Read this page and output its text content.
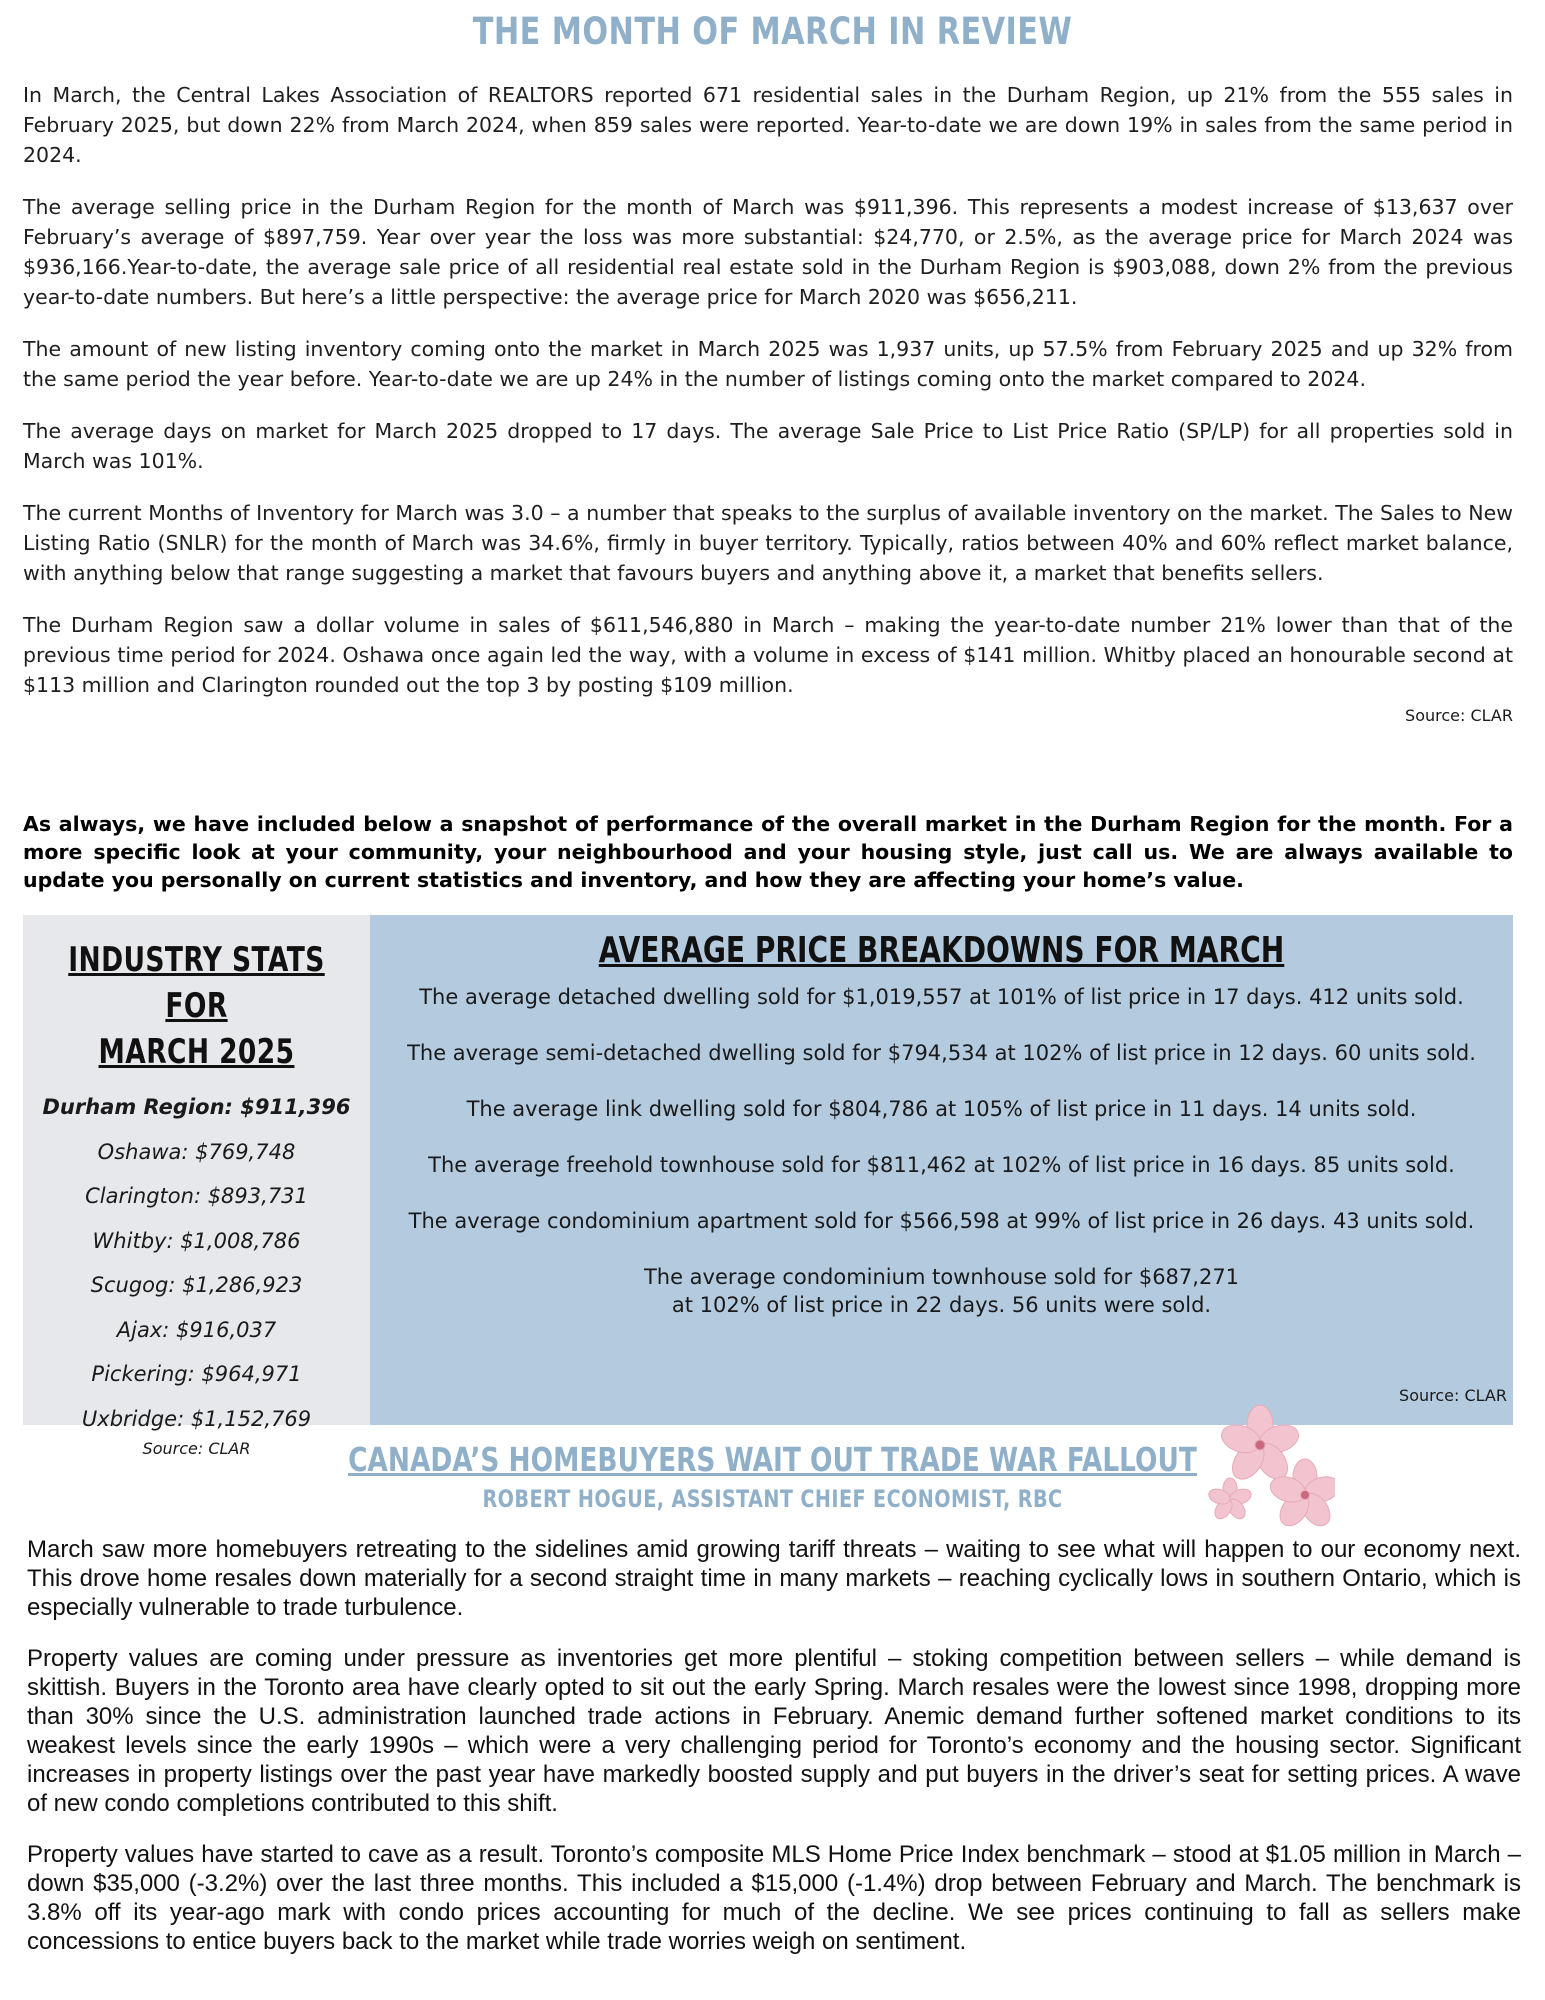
THE MONTH OF MARCH IN REVIEW

In March, the Central Lakes Association of REALTORS reported 671 residential sales in the Durham Region, up 21% from the 555 sales in February 2025, but down 22% from March 2024, when 859 sales were reported. Year-to-date we are down 19% in sales from the same period in 2024.

The average selling price in the Durham Region for the month of March was $911,396. This represents a modest increase of $13,637 over February’s average of $897,759. Year over year the loss was more substantial: $24,770, or 2.5%, as the average price for March 2024 was $936,166.Year-to-date, the average sale price of all residential real estate sold in the Durham Region is $903,088, down 2% from the previous year-to-date numbers. But here’s a little perspective: the average price for March 2020 was $656,211.

The amount of new listing inventory coming onto the market in March 2025 was 1,937 units, up 57.5% from February 2025 and up 32% from the same period the year before. Year-to-date we are up 24% in the number of listings coming onto the market compared to 2024.

The average days on market for March 2025 dropped to 17 days. The average Sale Price to List Price Ratio (SP/LP) for all properties sold in March was 101%.

The current Months of Inventory for March was 3.0 – a number that speaks to the surplus of available inventory on the market. The Sales to New Listing Ratio (SNLR) for the month of March was 34.6%, firmly in buyer territory. Typically, ratios between 40% and 60% reflect market balance, with anything below that range suggesting a market that favours buyers and anything above it, a market that benefits sellers.

The Durham Region saw a dollar volume in sales of $611,546,880 in March – making the year-to-date number 21% lower than that of the previous time period for 2024. Oshawa once again led the way, with a volume in excess of $141 million. Whitby placed an honourable second at $113 million and Clarington rounded out the top 3 by posting $109 million.

Source: CLAR
As always, we have included below a snapshot of performance of the overall market in the Durham Region for the month. For a more specific look at your community, your neighbourhood and your housing style, just call us. We are always available to update you personally on current statistics and inventory, and how they are affecting your home’s value.
INDUSTRY STATS FOR
MARCH 2025
Durham Region: $911,396
Oshawa: $769,748
Clarington: $893,731
Whitby: $1,008,786
Scugog: $1,286,923
Ajax: $916,037
Pickering: $964,971
Uxbridge: $1,152,769
Source: CLAR
AVERAGE PRICE BREAKDOWNS FOR MARCH
The average detached dwelling sold for $1,019,557 at 101% of list price in 17 days. 412 units sold.
The average semi-detached dwelling sold for $794,534 at 102% of list price in 12 days. 60 units sold.
The average link dwelling sold for $804,786 at 105% of list price in 11 days. 14 units sold.
The average freehold townhouse sold for $811,462 at 102% of list price in 16 days. 85 units sold.
The average condominium apartment sold for $566,598 at 99% of list price in 26 days. 43 units sold.
The average condominium townhouse sold for $687,271 at 102% of list price in 22 days. 56 units were sold.
Source: CLAR
CANADA’S HOMEBUYERS WAIT OUT TRADE WAR FALLOUT
ROBERT HOGUE, ASSISTANT CHIEF ECONOMIST, RBC

March saw more homebuyers retreating to the sidelines amid growing tariff threats – waiting to see what will happen to our economy next. This drove home resales down materially for a second straight time in many markets – reaching cyclically lows in southern Ontario, which is especially vulnerable to trade turbulence.

Property values are coming under pressure as inventories get more plentiful – stoking competition between sellers – while demand is skittish. Buyers in the Toronto area have clearly opted to sit out the early Spring. March resales were the lowest since 1998, dropping more than 30% since the U.S. administration launched trade actions in February. Anemic demand further softened market conditions to its weakest levels since the early 1990s – which were a very challenging period for Toronto’s economy and the housing sector. Significant increases in property listings over the past year have markedly boosted supply and put buyers in the driver’s seat for setting prices. A wave of new condo completions contributed to this shift.

Property values have started to cave as a result. Toronto’s composite MLS Home Price Index benchmark – stood at $1.05 million in March – down $35,000 (-3.2%) over the last three months. This included a $15,000 (-1.4%) drop between February and March. The benchmark is 3.8% off its year-ago mark with condo prices accounting for much of the decline. We see prices continuing to fall as sellers make concessions to entice buyers back to the market while trade worries weigh on sentiment.
